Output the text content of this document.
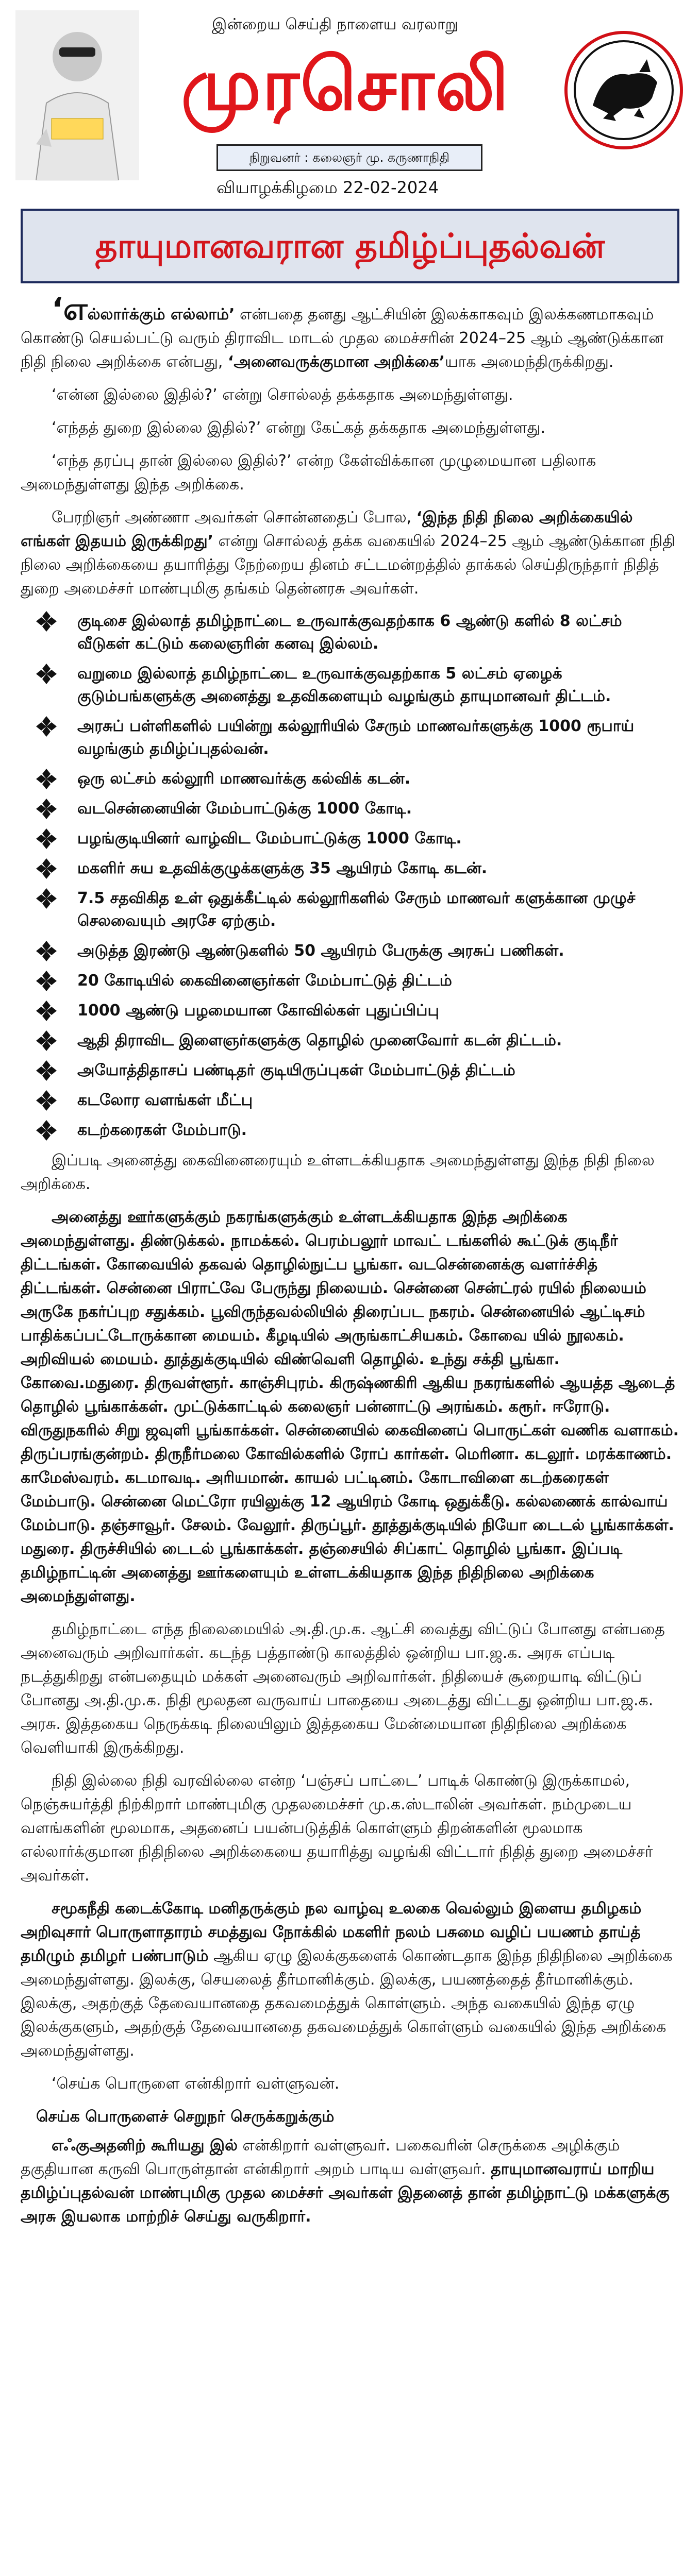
இன்றைய செய்தி நாளைய வரலாறு
முரசொலி
நிறுவனர் : கலைஞர் மு. கருணாநிதி
வியாழக்கிழமை 22-02-2024
தாயுமானவரான தமிழ்ப்புதல்வன்

‘எல்லார்க்கும் எல்லாம்’ என்பதை தனது ஆட்சியின் இலக்காகவும் இலக்கணமாகவும் கொண்டு செயல்பட்டு வரும் திராவிட மாடல் முதல மைச்சரின் 2024–25 ஆம் ஆண்டுக்கான நிதி நிலை அறிக்கை என்பது, ‘அனைவருக்குமான அறிக்கை’யாக அமைந்திருக்கிறது.

‘என்ன இல்லை இதில்?’ என்று சொல்லத் தக்கதாக அமைந்துள்ளது.

‘எந்தத் துறை இல்லை இதில்?’ என்று கேட்கத் தக்கதாக அமைந்துள்ளது.

‘எந்த தரப்பு தான் இல்லை இதில்?’ என்ற கேள்விக்கான முழுமையான பதிலாக அமைந்துள்ளது இந்த அறிக்கை.

பேரறிஞர் அண்ணா அவர்கள் சொன்னதைப் போல, ‘இந்த நிதி நிலை அறிக்கையில் எங்கள் இதயம் இருக்கிறது’ என்று சொல்லத் தக்க வகையில் 2024–25 ஆம் ஆண்டுக்கான நிதி நிலை அறிக்கையை தயாரித்து நேற்றைய தினம் சட்டமன்றத்தில் தாக்கல் செய்திருந்தார் நிதித் துறை அமைச்சர் மாண்புமிகு தங்கம் தென்னரசு அவர்கள்.

குடிசை இல்லாத் தமிழ்நாட்டை உருவாக்குவதற்காக 6 ஆண்டு களில் 8 லட்சம் வீடுகள் கட்டும் கலைஞரின் கனவு இல்லம்.
வறுமை இல்லாத் தமிழ்நாட்டை உருவாக்குவதற்காக 5 லட்சம் ஏழைக் குடும்பங்களுக்கு அனைத்து உதவிகளையும் வழங்கும் தாயுமானவர் திட்டம்.
அரசுப் பள்ளிகளில் பயின்று கல்லூரியில் சேரும் மாணவர்களுக்கு 1000 ரூபாய் வழங்கும் தமிழ்ப்புதல்வன்.
ஒரு லட்சம் கல்லூரி மாணவர்க்கு கல்விக் கடன்.
வடசென்னையின் மேம்பாட்டுக்கு 1000 கோடி.
பழங்குடியினர் வாழ்விட மேம்பாட்டுக்கு 1000 கோடி.
மகளிர் சுய உதவிக்குழுக்களுக்கு 35 ஆயிரம் கோடி கடன்.
7.5 சதவிகித உள் ஒதுக்கீட்டில் கல்லூரிகளில் சேரும் மாணவர் களுக்கான முழுச் செலவையும் அரசே ஏற்கும்.
அடுத்த இரண்டு ஆண்டுகளில் 50 ஆயிரம் பேருக்கு அரசுப் பணிகள்.
20 கோடியில் கைவினைஞர்கள் மேம்பாட்டுத் திட்டம்
1000 ஆண்டு பழமையான கோவில்கள் புதுப்பிப்பு
ஆதி திராவிட இளைஞர்களுக்கு தொழில் முனைவோர் கடன் திட்டம்.
அயோத்திதாசப் பண்டிதர் குடியிருப்புகள் மேம்பாட்டுத் திட்டம்
கடலோர வளங்கள் மீட்பு
கடற்கரைகள் மேம்பாடு.

இப்படி அனைத்து கைவினைரையும் உள்ளடக்கியதாக அமைந்துள்ளது இந்த நிதி நிலை அறிக்கை.

அனைத்து ஊர்களுக்கும் நகரங்களுக்கும் உள்ளடக்கியதாக இந்த அறிக்கை அமைந்துள்ளது. திண்டுக்கல். நாமக்கல். பெரம்பலூர் மாவட் டங்களில் கூட்டுக் குடிநீர் திட்டங்கள். கோவையில் தகவல் தொழில்நுட்ப பூங்கா. வடசென்னைக்கு வளர்ச்சித் திட்டங்கள். சென்னை பிராட்வே பேருந்து நிலையம். சென்னை சென்ட்ரல் ரயில் நிலையம் அருகே நகர்ப்புற சதுக்கம். பூவிருந்தவல்லியில் திரைப்பட நகரம். சென்னையில் ஆட்டிசம் பாதிக்கப்பட்டோருக்கான மையம். கீழடியில் அருங்காட்சியகம். கோவை யில் நூலகம். அறிவியல் மையம். தூத்துக்குடியில் விண்வெளி தொழில். உந்து சக்தி பூங்கா. கோவை.மதுரை. திருவள்ளூர். காஞ்சிபுரம். கிருஷ்ணகிரி ஆகிய நகரங்களில் ஆயத்த ஆடைத் தொழில் பூங்காக்கள். முட்டுக்காட்டில் கலைஞர் பன்னாட்டு அரங்கம். கரூர். ஈரோடு. விருதுநகரில் சிறு ஜவுளி பூங்காக்கள். சென்னையில் கைவினைப் பொருட்கள் வணிக வளாகம். திருப்பரங்குன்றம். திருநீர்மலை கோவில்களில் ரோப் கார்கள். மெரினா. கடலூர். மரக்காணம். காமேஸ்வரம். கடமாவடி. அரியமான். காயல் பட்டினம். கோடாவிளை கடற்கரைகள் மேம்பாடு. சென்னை மெட்ரோ ரயிலுக்கு 12 ஆயிரம் கோடி ஒதுக்கீடு. கல்லணைக் கால்வாய் மேம்பாடு. தஞ்சாவூர். சேலம். வேலூர். திருப்பூர். தூத்துக்குடியில் நியோ டைடல் பூங்காக்கள். மதுரை. திருச்சியில் டைடல் பூங்காக்கள். தஞ்சையில் சிப்காட் தொழில் பூங்கா. இப்படி தமிழ்நாட்டின் அனைத்து ஊர்களையும் உள்ளடக்கியதாக இந்த நிதிநிலை அறிக்கை அமைந்துள்ளது.

தமிழ்நாட்டை எந்த நிலைமையில் அ.தி.மு.க. ஆட்சி வைத்து விட்டுப் போனது என்பதை அனைவரும் அறிவார்கள். கடந்த பத்தாண்டு காலத்தில் ஒன்றிய பா.ஜ.க. அரசு எப்படி நடத்துகிறது என்பதையும் மக்கள் அனைவரும் அறிவார்கள். நிதியைச் சூறையாடி விட்டுப் போனது அ.தி.மு.க. நிதி மூலதன வருவாய் பாதையை அடைத்து விட்டது ஒன்றிய பா.ஜ.க. அரசு. இத்தகைய நெருக்கடி நிலையிலும் இத்தகைய மேன்மையான நிதிநிலை அறிக்கை வெளியாகி இருக்கிறது.

நிதி இல்லை நிதி வரவில்லை என்ற ‘பஞ்சப் பாட்டை’ பாடிக் கொண்டு இருக்காமல், நெஞ்சுயர்த்தி நிற்கிறார் மாண்புமிகு முதலமைச்சர் மு.க.ஸ்டாலின் அவர்கள். நம்முடைய வளங்களின் மூலமாக, அதனைப் பயன்படுத்திக் கொள்ளும் திறன்களின் மூலமாக எல்லார்க்குமான நிதிநிலை அறிக்கையை தயாரித்து வழங்கி விட்டார் நிதித் துறை அமைச்சர் அவர்கள்.

சமூகநீதி கடைக்கோடி மனிதருக்கும் நல வாழ்வு உலகை வெல்லும் இளைய தமிழகம் அறிவுசார் பொருளாதாரம் சமத்துவ நோக்கில் மகளிர் நலம் பசுமை வழிப் பயணம் தாய்த் தமிழும் தமிழர் பண்பாடும் ஆகிய ஏழு இலக்குகளைக் கொண்டதாக இந்த நிதிநிலை அறிக்கை அமைந்துள்ளது. இலக்கு, செயலைத் தீர்மானிக்கும். இலக்கு, பயணத்தைத் தீர்மானிக்கும். இலக்கு, அதற்குத் தேவையானதை தகவமைத்துக் கொள்ளும். அந்த வகையில் இந்த ஏழு இலக்குகளும், அதற்குத் தேவையானதை தகவமைத்துக் கொள்ளும் வகையில் இந்த அறிக்கை அமைந்துள்ளது.

‘செய்க பொருளை என்கிறார் வள்ளுவன்.

செய்க பொருளைச் செறுநர் செருக்கறுக்கும்

எஃகுஅதனிற் கூரியது இல் என்கிறார் வள்ளுவர். பகைவரின் செருக்கை அழிக்கும் தகுதியான கருவி பொருள்தான் என்கிறார் அறம் பாடிய வள்ளுவர். தாயுமானவராய் மாறிய தமிழ்ப்புதல்வன் மாண்புமிகு முதல மைச்சர் அவர்கள் இதனைத் தான் தமிழ்நாட்டு மக்களுக்கு அரசு இயலாக மாற்றிச் செய்து வருகிறார்.
